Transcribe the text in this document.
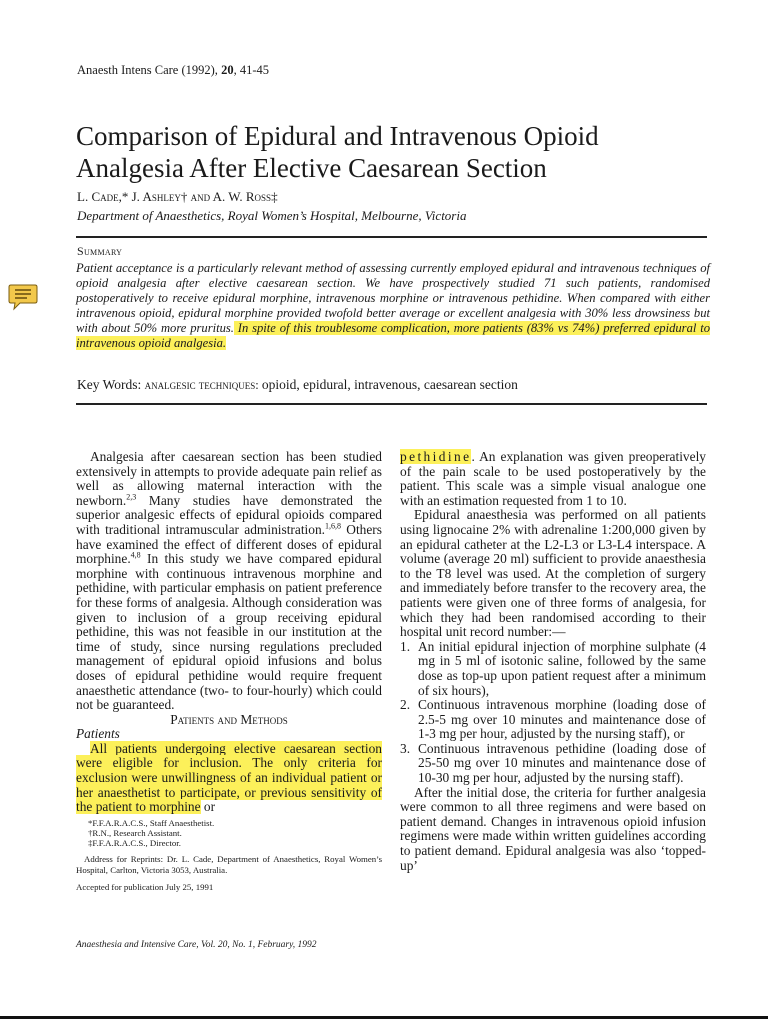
Anaesth Intens Care (1992), 20, 41-45
Comparison of Epidural and Intravenous Opioid
Analgesia After Elective Caesarean Section
L. Cade,* J. Ashley† and A. W. Ross‡
Department of Anaesthetics, Royal Women’s Hospital, Melbourne, Victoria
Summary
Patient acceptance is a particularly relevant method of assessing currently employed epidural and intravenous techniques of opioid analgesia after elective caesarean section. We have prospectively studied 71 such patients, randomised postoperatively to receive epidural morphine, intravenous morphine or intravenous pethidine. When compared with either intravenous opioid, epidural morphine provided twofold better average or excellent analgesia with 30% less drowsiness but with about 50% more pruritus. In spite of this troublesome complication, more patients (83% vs 74%) preferred epidural to intravenous opioid analgesia.
Key Words: analgesic techniques: opioid, epidural, intravenous, caesarean section

Analgesia after caesarean section has been studied extensively in attempts to provide adequate pain relief as well as allowing maternal interaction with the newborn.$^{2,3}$ Many studies have demonstrated the superior analgesic effects of epidural opioids compared with traditional intramuscular administration.$^{1,6,8}$ Others have examined the effect of different doses of epidural morphine.$^{4,8}$ In this study we have compared epidural morphine with continuous intravenous morphine and pethidine, with particular emphasis on patient preference for these forms of analgesia. Although consideration was given to inclusion of a group receiving epidural pethidine, this was not feasible in our institution at the time of study, since nursing regulations precluded management of epidural opioid infusions and bolus doses of epidural pethidine would require frequent anaesthetic attendance (two- to four-hourly) which could not be guaranteed.

Patients and Methods

Patients

All patients undergoing elective caesarean section were eligible for inclusion. The only criteria for exclusion were unwillingness of an individual patient or her anaesthetist to participate, or previous sensitivity of the patient to morphine or

*F.F.A.R.A.C.S., Staff Anaesthetist.
†R.N., Research Assistant.
‡F.F.A.R.A.C.S., Director.
Address for Reprints: Dr. L. Cade, Department of Anaesthetics, Royal Women’s Hospital, Carlton, Victoria 3053, Australia.
Accepted for publication July 25, 1991

pethidine. An explanation was given preoperatively of the pain scale to be used postoperatively by the patient. This scale was a simple visual analogue one with an estimation requested from 1 to 10.

Epidural anaesthesia was performed on all patients using lignocaine 2% with adrenaline 1:200,000 given by an epidural catheter at the L2-L3 or L3-L4 interspace. A volume (average 20 ml) sufficient to provide anaesthesia to the T8 level was used. At the completion of surgery and immediately before transfer to the recovery area, the patients were given one of three forms of analgesia, for which they had been randomised according to their hospital unit record number:—

1. An initial epidural injection of morphine sulphate (4 mg in 5 ml of isotonic saline, followed by the same dose as top-up upon patient request after a minimum of six hours),
2. Continuous intravenous morphine (loading dose of 2.5-5 mg over 10 minutes and maintenance dose of 1-3 mg per hour, adjusted by the nursing staff), or
3. Continuous intravenous pethidine (loading dose of 25-50 mg over 10 minutes and maintenance dose of 10-30 mg per hour, adjusted by the nursing staff).

After the initial dose, the criteria for further analgesia were common to all three regimens and were based on patient demand. Changes in intravenous opioid infusion regimens were made within written guidelines according to patient demand. Epidural analgesia was also ‘topped-up’

Anaesthesia and Intensive Care, Vol. 20, No. 1, February, 1992
